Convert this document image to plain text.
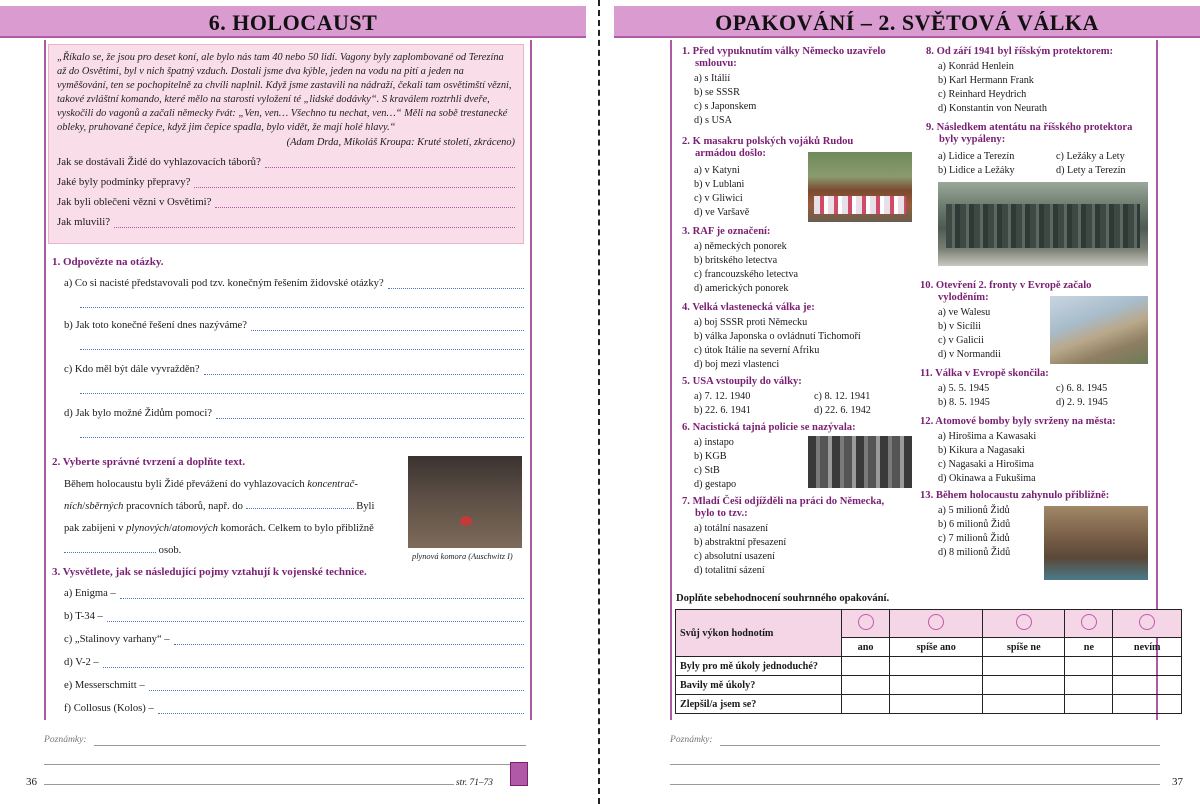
6. HOLOCAUST
„Říkalo se, že jsou pro deset koní, ale bylo nás tam 40 nebo 50 lidí. Vagony byly zaplombované od Terezína až do Osvětimi, byl v nich špatný vzduch. Dostali jsme dva kýble, jeden na vodu na pití a jeden na vyměšování, ten se pochopitelně za chvíli naplnil. Když jsme zastavili na nádraží, čekali tam osvětimští vězni, takové zvláštní komando, které mělo na starosti vyložení té „lidské dodávky“. S kraválem roztrhli dveře, vyskočili do vagonů a začali německy řvát: „Ven, ven… Všechno tu nechat, ven…“ Měli na sobě trestanecké obleky, pruhované čepice, když jim čepice spadla, bylo vidět, že mají holé hlavy.“
(Adam Drda, Mikoláš Kroupa: Kruté století, zkráceno)
Jak se dostávali Židé do vyhlazovacích táborů?
Jaké byly podmínky přepravy?
Jak byli oblečeni vězni v Osvětimi?
Jak mluvili?
1. Odpovězte na otázky.
a) Co si nacisté představovali pod tzv. konečným řešením židovské otázky?
b) Jak toto konečné řešení dnes nazýváme?
c) Kdo měl být dále vyvražděn?
d) Jak bylo možné Židům pomoci?
2. Vyberte správné tvrzení a doplňte text.
Během holocaustu byli Židé převážení do vyhlazovacích koncentrač-
ních/sběrných pracovních táborů, např. do	Byli
pak zabijeni v plynových/atomových komorách. Celkem to bylo přibližně
osob.
plynová komora (Auschwitz I)
3. Vysvětlete, jak se následující pojmy vztahují k vojenské technice.
a) Enigma –
b) T-34 –
c) „Stalinovy varhany“ –
d) V-2 –
e) Messerschmitt –
f) Collosus (Kolos) –
Poznámky:
36	str. 71–73
OPAKOVÁNÍ – 2. SVĚTOVÁ VÁLKA
1. Před vypuknutím války Německo uzavřelo
smlouvu:
a) s Itálií
b) se SSSR
c) s Japonskem
d) s USA
2. K masakru polských vojáků Rudou
armádou došlo:
a) v Katyni
b) v Lublani
c) v Gliwici
d) ve Varšavě
3. RAF je označení:
a) německých ponorek
b) britského letectva
c) francouzského letectva
d) amerických ponorek
4. Velká vlastenecká válka je:
a) boj SSSR proti Německu
b) válka Japonska o ovládnutí Tichomoří
c) útok Itálie na severní Afriku
d) boj mezi vlastenci
5. USA vstoupily do války:
a) 7. 12. 1940	c) 8. 12. 1941
b) 22. 6. 1941	d) 22. 6. 1942
6. Nacistická tajná policie se nazývala:
a) instapo
b) KGB
c) StB
d) gestapo
7. Mladí Češi odjížděli na práci do Německa,
bylo to tzv.:
a) totální nasazení
b) abstraktní přesazení
c) absolutní usazení
d) totalitní sázení
8. Od září 1941 byl říšským protektorem:
a) Konrád Henlein
b) Karl Hermann Frank
c) Reinhard Heydrich
d) Konstantin von Neurath
9. Následkem atentátu na říšského protektora
byly vypáleny:
a) Lidice a Terezín	c) Ležáky a Lety
b) Lidice a Ležáky	d) Lety a Terezín
10. Otevření 2. fronty v Evropě začalo
vyloděním:
a) ve Walesu
b) v Sicílii
c) v Galicii
d) v Normandii
11. Válka v Evropě skončila:
a) 5. 5. 1945	c) 6. 8. 1945
b) 8. 5. 1945	d) 2. 9. 1945
12. Atomové bomby byly svrženy na města:
a) Hirošima a Kawasaki
b) Kikura a Nagasaki
c) Nagasaki a Hirošima
d) Okinawa a Fukušima
13. Během holocaustu zahynulo přibližně:
a) 5 milionů Židů
b) 6 milionů Židů
c) 7 milionů Židů
d) 8 milionů Židů
Doplňte sebehodnocení souhrnného opakování.
Svůj výkon hodnotím					
	ano	spíše ano	spíše ne	ne	nevím
Byly pro mě úkoly jednoduché?					
Bavily mě úkoly?					
Zlepšil/a jsem se?					
Poznámky:
37
